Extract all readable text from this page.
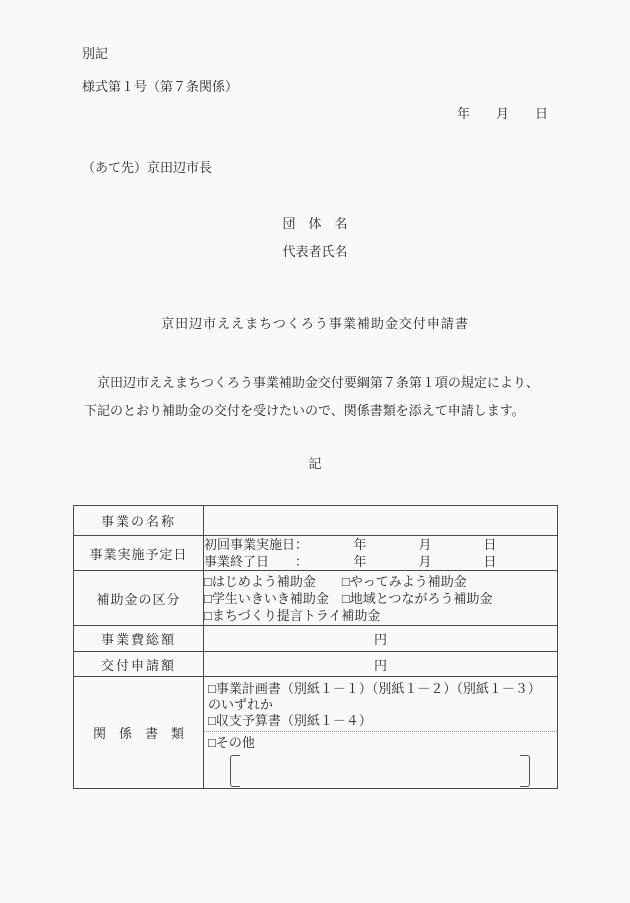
別記
様式第１号（第７条関係）
年　　月　　日
（あて先）京田辺市長
団　体　名
代表者氏名
京田辺市ええまちつくろう事業補助金交付申請書
　京田辺市ええまちつくろう事業補助金交付要綱第７条第１項の規定により、
下記のとおり補助金の交付を受けたいので、関係書類を添えて申請します。
記
事業の名称	
事業実施予定日	初回事業実施日：　　　　年　　　　月　　　　日
事業終了日　　：　　　　年　　　　月　　　　日

補助金の区分	□はじめよう補助金　　□やってみよう補助金
□学生いきいき補助金　□地域とつながろう補助金
□まちづくり提言トライ補助金

事業費総額	円
交付申請額	円
関　係　書　類	□事業計画書（別紙１－１）（別紙１－２）（別紙１－３）
のいずれか
□収支予算書（別紙１－４）
□その他
